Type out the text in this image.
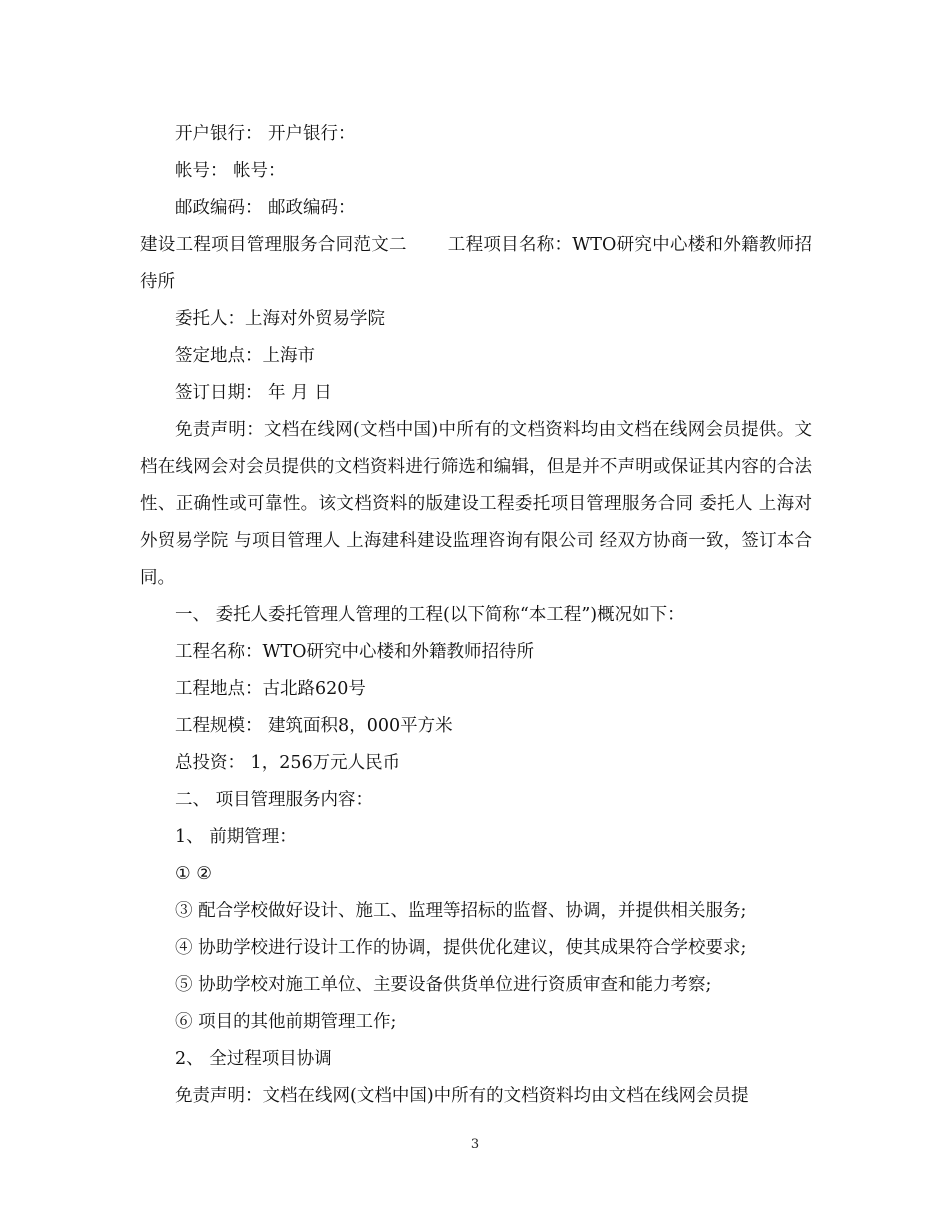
开户银行： 开户银行：

帐号： 帐号：

邮政编码： 邮政编码：

建设工程项目管理服务合同范文二       工程项目名称：WTO研究中心楼和外籍教师招待所

委托人：上海对外贸易学院

签定地点：上海市

签订日期： 年 月 日

免责声明：文档在线网(文档中国)中所有的文档资料均由文档在线网会员提供。文档在线网会对会员提供的文档资料进行筛选和编辑，但是并不声明或保证其内容的合法性、正确性或可靠性。该文档资料的版建设工程委托项目管理服务合同 委托人 上海对外贸易学院 与项目管理人 上海建科建设监理咨询有限公司 经双方协商一致，签订本合同。

一、 委托人委托管理人管理的工程(以下简称“本工程”)概况如下：

工程名称：WTO研究中心楼和外籍教师招待所

工程地点：古北路620号

工程规模： 建筑面积8，000平方米

总投资： 1，256万元人民币

二、 项目管理服务内容：

1、 前期管理：

① ②

③ 配合学校做好设计、施工、监理等招标的监督、协调，并提供相关服务;

④ 协助学校进行设计工作的协调，提供优化建议，使其成果符合学校要求;

⑤ 协助学校对施工单位、主要设备供货单位进行资质审查和能力考察;

⑥ 项目的其他前期管理工作;

2、 全过程项目协调

免责声明：文档在线网(文档中国)中所有的文档资料均由文档在线网会员提

3
